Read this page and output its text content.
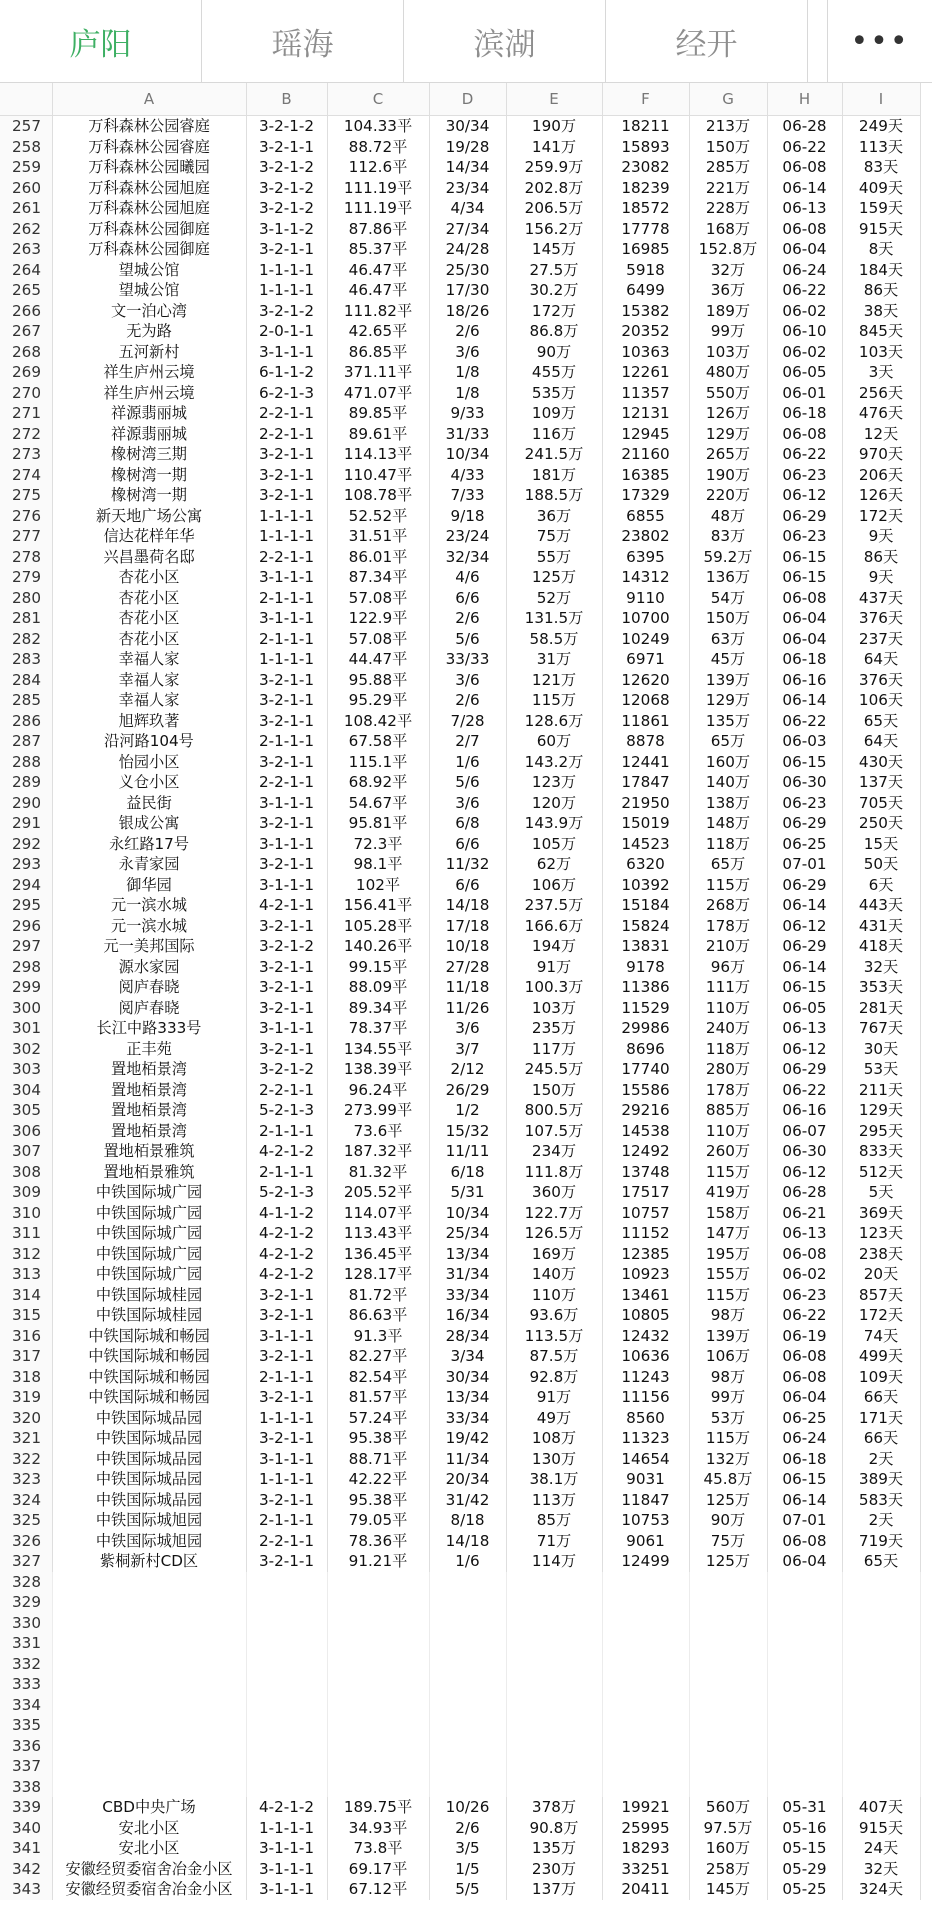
庐阳	瑶海	滨湖	经开	•••
	A	B	C	D	E	F	G	H	I
257	万科森林公园睿庭	3-2-1-2	104.33平	30/34	190万	18211	213万	06-28	249天
258	万科森林公园睿庭	3-2-1-1	88.72平	19/28	141万	15893	150万	06-22	113天
259	万科森林公园曦园	3-2-1-2	112.6平	14/34	259.9万	23082	285万	06-08	83天
260	万科森林公园旭庭	3-2-1-2	111.19平	23/34	202.8万	18239	221万	06-14	409天
261	万科森林公园旭庭	3-2-1-2	111.19平	4/34	206.5万	18572	228万	06-13	159天
262	万科森林公园御庭	3-1-1-2	87.86平	27/34	156.2万	17778	168万	06-08	915天
263	万科森林公园御庭	3-2-1-1	85.37平	24/28	145万	16985	152.8万	06-04	8天
264	望城公馆	1-1-1-1	46.47平	25/30	27.5万	5918	32万	06-24	184天
265	望城公馆	1-1-1-1	46.47平	17/30	30.2万	6499	36万	06-22	86天
266	文一泊心湾	3-2-1-2	111.82平	18/26	172万	15382	189万	06-02	38天
267	无为路	2-0-1-1	42.65平	2/6	86.8万	20352	99万	06-10	845天
268	五河新村	3-1-1-1	86.85平	3/6	90万	10363	103万	06-02	103天
269	祥生庐州云境	6-1-1-2	371.11平	1/8	455万	12261	480万	06-05	3天
270	祥生庐州云境	6-2-1-3	471.07平	1/8	535万	11357	550万	06-01	256天
271	祥源翡丽城	2-2-1-1	89.85平	9/33	109万	12131	126万	06-18	476天
272	祥源翡丽城	2-2-1-1	89.61平	31/33	116万	12945	129万	06-08	12天
273	橡树湾三期	3-2-1-1	114.13平	10/34	241.5万	21160	265万	06-22	970天
274	橡树湾一期	3-2-1-1	110.47平	4/33	181万	16385	190万	06-23	206天
275	橡树湾一期	3-2-1-1	108.78平	7/33	188.5万	17329	220万	06-12	126天
276	新天地广场公寓	1-1-1-1	52.52平	9/18	36万	6855	48万	06-29	172天
277	信达花样年华	1-1-1-1	31.51平	23/24	75万	23802	83万	06-23	9天
278	兴昌墨荷名邸	2-2-1-1	86.01平	32/34	55万	6395	59.2万	06-15	86天
279	杏花小区	3-1-1-1	87.34平	4/6	125万	14312	136万	06-15	9天
280	杏花小区	2-1-1-1	57.08平	6/6	52万	9110	54万	06-08	437天
281	杏花小区	3-1-1-1	122.9平	2/6	131.5万	10700	150万	06-04	376天
282	杏花小区	2-1-1-1	57.08平	5/6	58.5万	10249	63万	06-04	237天
283	幸福人家	1-1-1-1	44.47平	33/33	31万	6971	45万	06-18	64天
284	幸福人家	3-2-1-1	95.88平	3/6	121万	12620	139万	06-16	376天
285	幸福人家	3-2-1-1	95.29平	2/6	115万	12068	129万	06-14	106天
286	旭辉玖著	3-2-1-1	108.42平	7/28	128.6万	11861	135万	06-22	65天
287	沿河路104号	2-1-1-1	67.58平	2/7	60万	8878	65万	06-03	64天
288	怡园小区	3-2-1-1	115.1平	1/6	143.2万	12441	160万	06-15	430天
289	义仓小区	2-2-1-1	68.92平	5/6	123万	17847	140万	06-30	137天
290	益民街	3-1-1-1	54.67平	3/6	120万	21950	138万	06-23	705天
291	银成公寓	3-2-1-1	95.81平	6/8	143.9万	15019	148万	06-29	250天
292	永红路17号	3-1-1-1	72.3平	6/6	105万	14523	118万	06-25	15天
293	永青家园	3-2-1-1	98.1平	11/32	62万	6320	65万	07-01	50天
294	御华园	3-1-1-1	102平	6/6	106万	10392	115万	06-29	6天
295	元一滨水城	4-2-1-1	156.41平	14/18	237.5万	15184	268万	06-14	443天
296	元一滨水城	3-2-1-1	105.28平	17/18	166.6万	15824	178万	06-12	431天
297	元一美邦国际	3-2-1-2	140.26平	10/18	194万	13831	210万	06-29	418天
298	源水家园	3-2-1-1	99.15平	27/28	91万	9178	96万	06-14	32天
299	阅庐春晓	3-2-1-1	88.09平	11/18	100.3万	11386	111万	06-15	353天
300	阅庐春晓	3-2-1-1	89.34平	11/26	103万	11529	110万	06-05	281天
301	长江中路333号	3-1-1-1	78.37平	3/6	235万	29986	240万	06-13	767天
302	正丰苑	3-2-1-1	134.55平	3/7	117万	8696	118万	06-12	30天
303	置地栢景湾	3-2-1-2	138.39平	2/12	245.5万	17740	280万	06-29	53天
304	置地栢景湾	2-2-1-1	96.24平	26/29	150万	15586	178万	06-22	211天
305	置地栢景湾	5-2-1-3	273.99平	1/2	800.5万	29216	885万	06-16	129天
306	置地栢景湾	2-1-1-1	73.6平	15/32	107.5万	14538	110万	06-07	295天
307	置地栢景雅筑	4-2-1-2	187.32平	11/11	234万	12492	260万	06-30	833天
308	置地栢景雅筑	2-1-1-1	81.32平	6/18	111.8万	13748	115万	06-12	512天
309	中铁国际城广园	5-2-1-3	205.52平	5/31	360万	17517	419万	06-28	5天
310	中铁国际城广园	4-1-1-2	114.07平	10/34	122.7万	10757	158万	06-21	369天
311	中铁国际城广园	4-2-1-2	113.43平	25/34	126.5万	11152	147万	06-13	123天
312	中铁国际城广园	4-2-1-2	136.45平	13/34	169万	12385	195万	06-08	238天
313	中铁国际城广园	4-2-1-2	128.17平	31/34	140万	10923	155万	06-02	20天
314	中铁国际城桂园	3-2-1-1	81.72平	33/34	110万	13461	115万	06-23	857天
315	中铁国际城桂园	3-2-1-1	86.63平	16/34	93.6万	10805	98万	06-22	172天
316	中铁国际城和畅园	3-1-1-1	91.3平	28/34	113.5万	12432	139万	06-19	74天
317	中铁国际城和畅园	3-2-1-1	82.27平	3/34	87.5万	10636	106万	06-08	499天
318	中铁国际城和畅园	2-1-1-1	82.54平	30/34	92.8万	11243	98万	06-08	109天
319	中铁国际城和畅园	3-2-1-1	81.57平	13/34	91万	11156	99万	06-04	66天
320	中铁国际城品园	1-1-1-1	57.24平	33/34	49万	8560	53万	06-25	171天
321	中铁国际城品园	3-2-1-1	95.38平	19/42	108万	11323	115万	06-24	66天
322	中铁国际城品园	3-1-1-1	88.71平	11/34	130万	14654	132万	06-18	2天
323	中铁国际城品园	1-1-1-1	42.22平	20/34	38.1万	9031	45.8万	06-15	389天
324	中铁国际城品园	3-2-1-1	95.38平	31/42	113万	11847	125万	06-14	583天
325	中铁国际城旭园	2-1-1-1	79.05平	8/18	85万	10753	90万	07-01	2天
326	中铁国际城旭园	2-2-1-1	78.36平	14/18	71万	9061	75万	06-08	719天
327	紫桐新村CD区	3-2-1-1	91.21平	1/6	114万	12499	125万	06-04	65天
328									
329									
330									
331									
332									
333									
334									
335									
336									
337									
338									
339	CBD中央广场	4-2-1-2	189.75平	10/26	378万	19921	560万	05-31	407天
340	安北小区	1-1-1-1	34.93平	2/6	90.8万	25995	97.5万	05-16	915天
341	安北小区	3-1-1-1	73.8平	3/5	135万	18293	160万	05-15	24天
342	安徽经贸委宿舍冶金小区	3-1-1-1	69.17平	1/5	230万	33251	258万	05-29	32天
343	安徽经贸委宿舍冶金小区	3-1-1-1	67.12平	5/5	137万	20411	145万	05-25	324天
